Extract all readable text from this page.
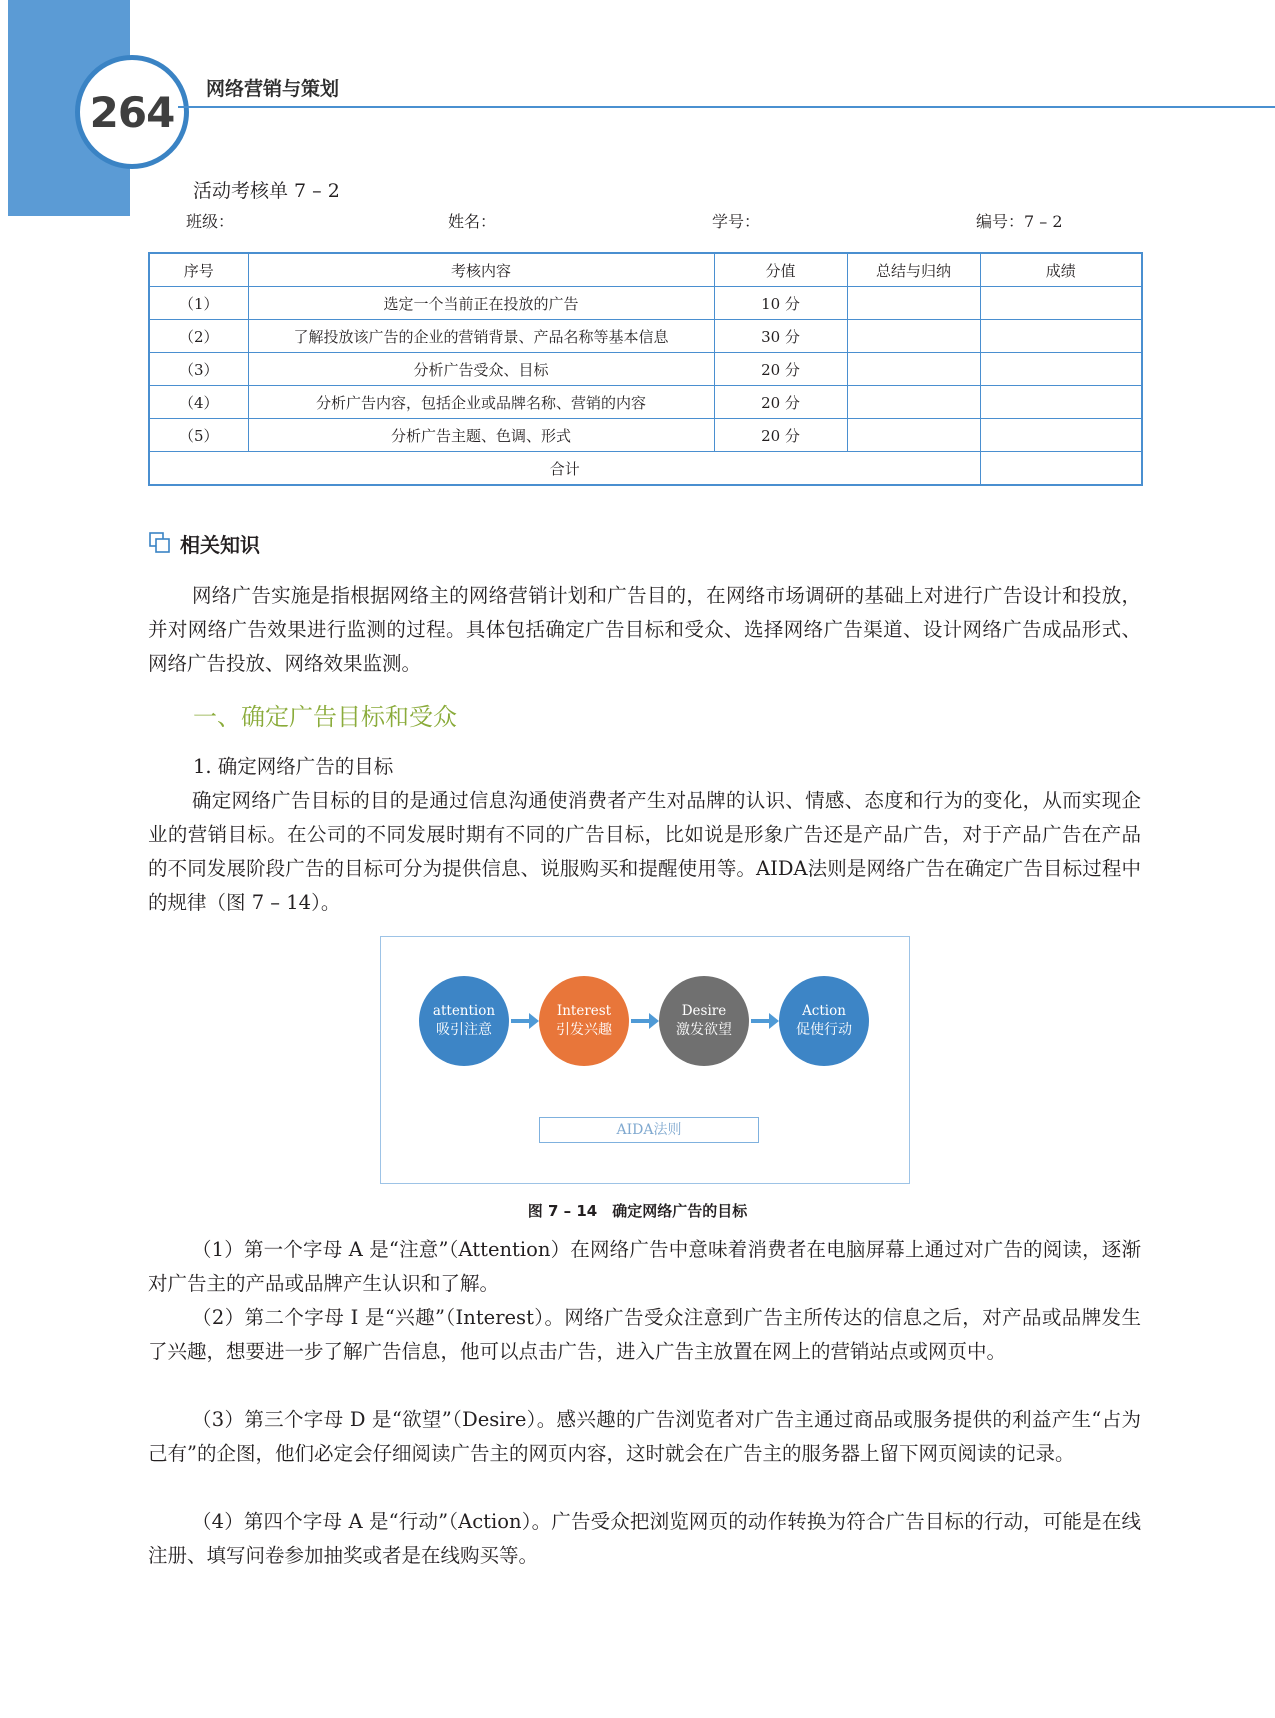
264 网络营销与策划
活动考核单 7 – 2
班级：	姓名：	学号：	编号：7 – 2
序号	考核内容	分值	总结与归纳	成绩
（1）	选定一个当前正在投放的广告	10 分		
（2）	了解投放该广告的企业的营销背景、产品名称等基本信息	30 分		
（3）	分析广告受众、目标	20 分		
（4）	分析广告内容，包括企业或品牌名称、营销的内容	20 分		
（5）	分析广告主题、色调、形式	20 分		
合计				
相关知识

网络广告实施是指根据网络主的网络营销计划和广告目的，在网络市场调研的基础上对进行广告设计和投放，并对网络广告效果进行监测的过程。具体包括确定广告目标和受众、选择网络广告渠道、设计网络广告成品形式、网络广告投放、网络效果监测。

一、确定广告目标和受众
1. 确定网络广告的目标

确定网络广告目标的目的是通过信息沟通使消费者产生对品牌的认识、情感、态度和行为的变化，从而实现企业的营销目标。在公司的不同发展时期有不同的广告目标，比如说是形象广告还是产品广告，对于产品广告在产品的不同发展阶段广告的目标可分为提供信息、说服购买和提醒使用等。AIDA法则是网络广告在确定广告目标过程中的规律（图 7 – 14）。

attention
吸引注意
Interest
引发兴趣
Desire
激发欲望
Action
促使行动
AIDA法则
图 7 – 14　确定网络广告的目标

（1）第一个字母 A 是“注意”（Attention）在网络广告中意味着消费者在电脑屏幕上通过对广告的阅读，逐渐对广告主的产品或品牌产生认识和了解。

（2）第二个字母 I 是“兴趣”（Interest）。网络广告受众注意到广告主所传达的信息之后，对产品或品牌发生了兴趣，想要进一步了解广告信息，他可以点击广告，进入广告主放置在网上的营销站点或网页中。

（3）第三个字母 D 是“欲望”（Desire）。感兴趣的广告浏览者对广告主通过商品或服务提供的利益产生“占为己有”的企图，他们必定会仔细阅读广告主的网页内容，这时就会在广告主的服务器上留下网页阅读的记录。

（4）第四个字母 A 是“行动”（Action）。广告受众把浏览网页的动作转换为符合广告目标的行动，可能是在线注册、填写问卷参加抽奖或者是在线购买等。
